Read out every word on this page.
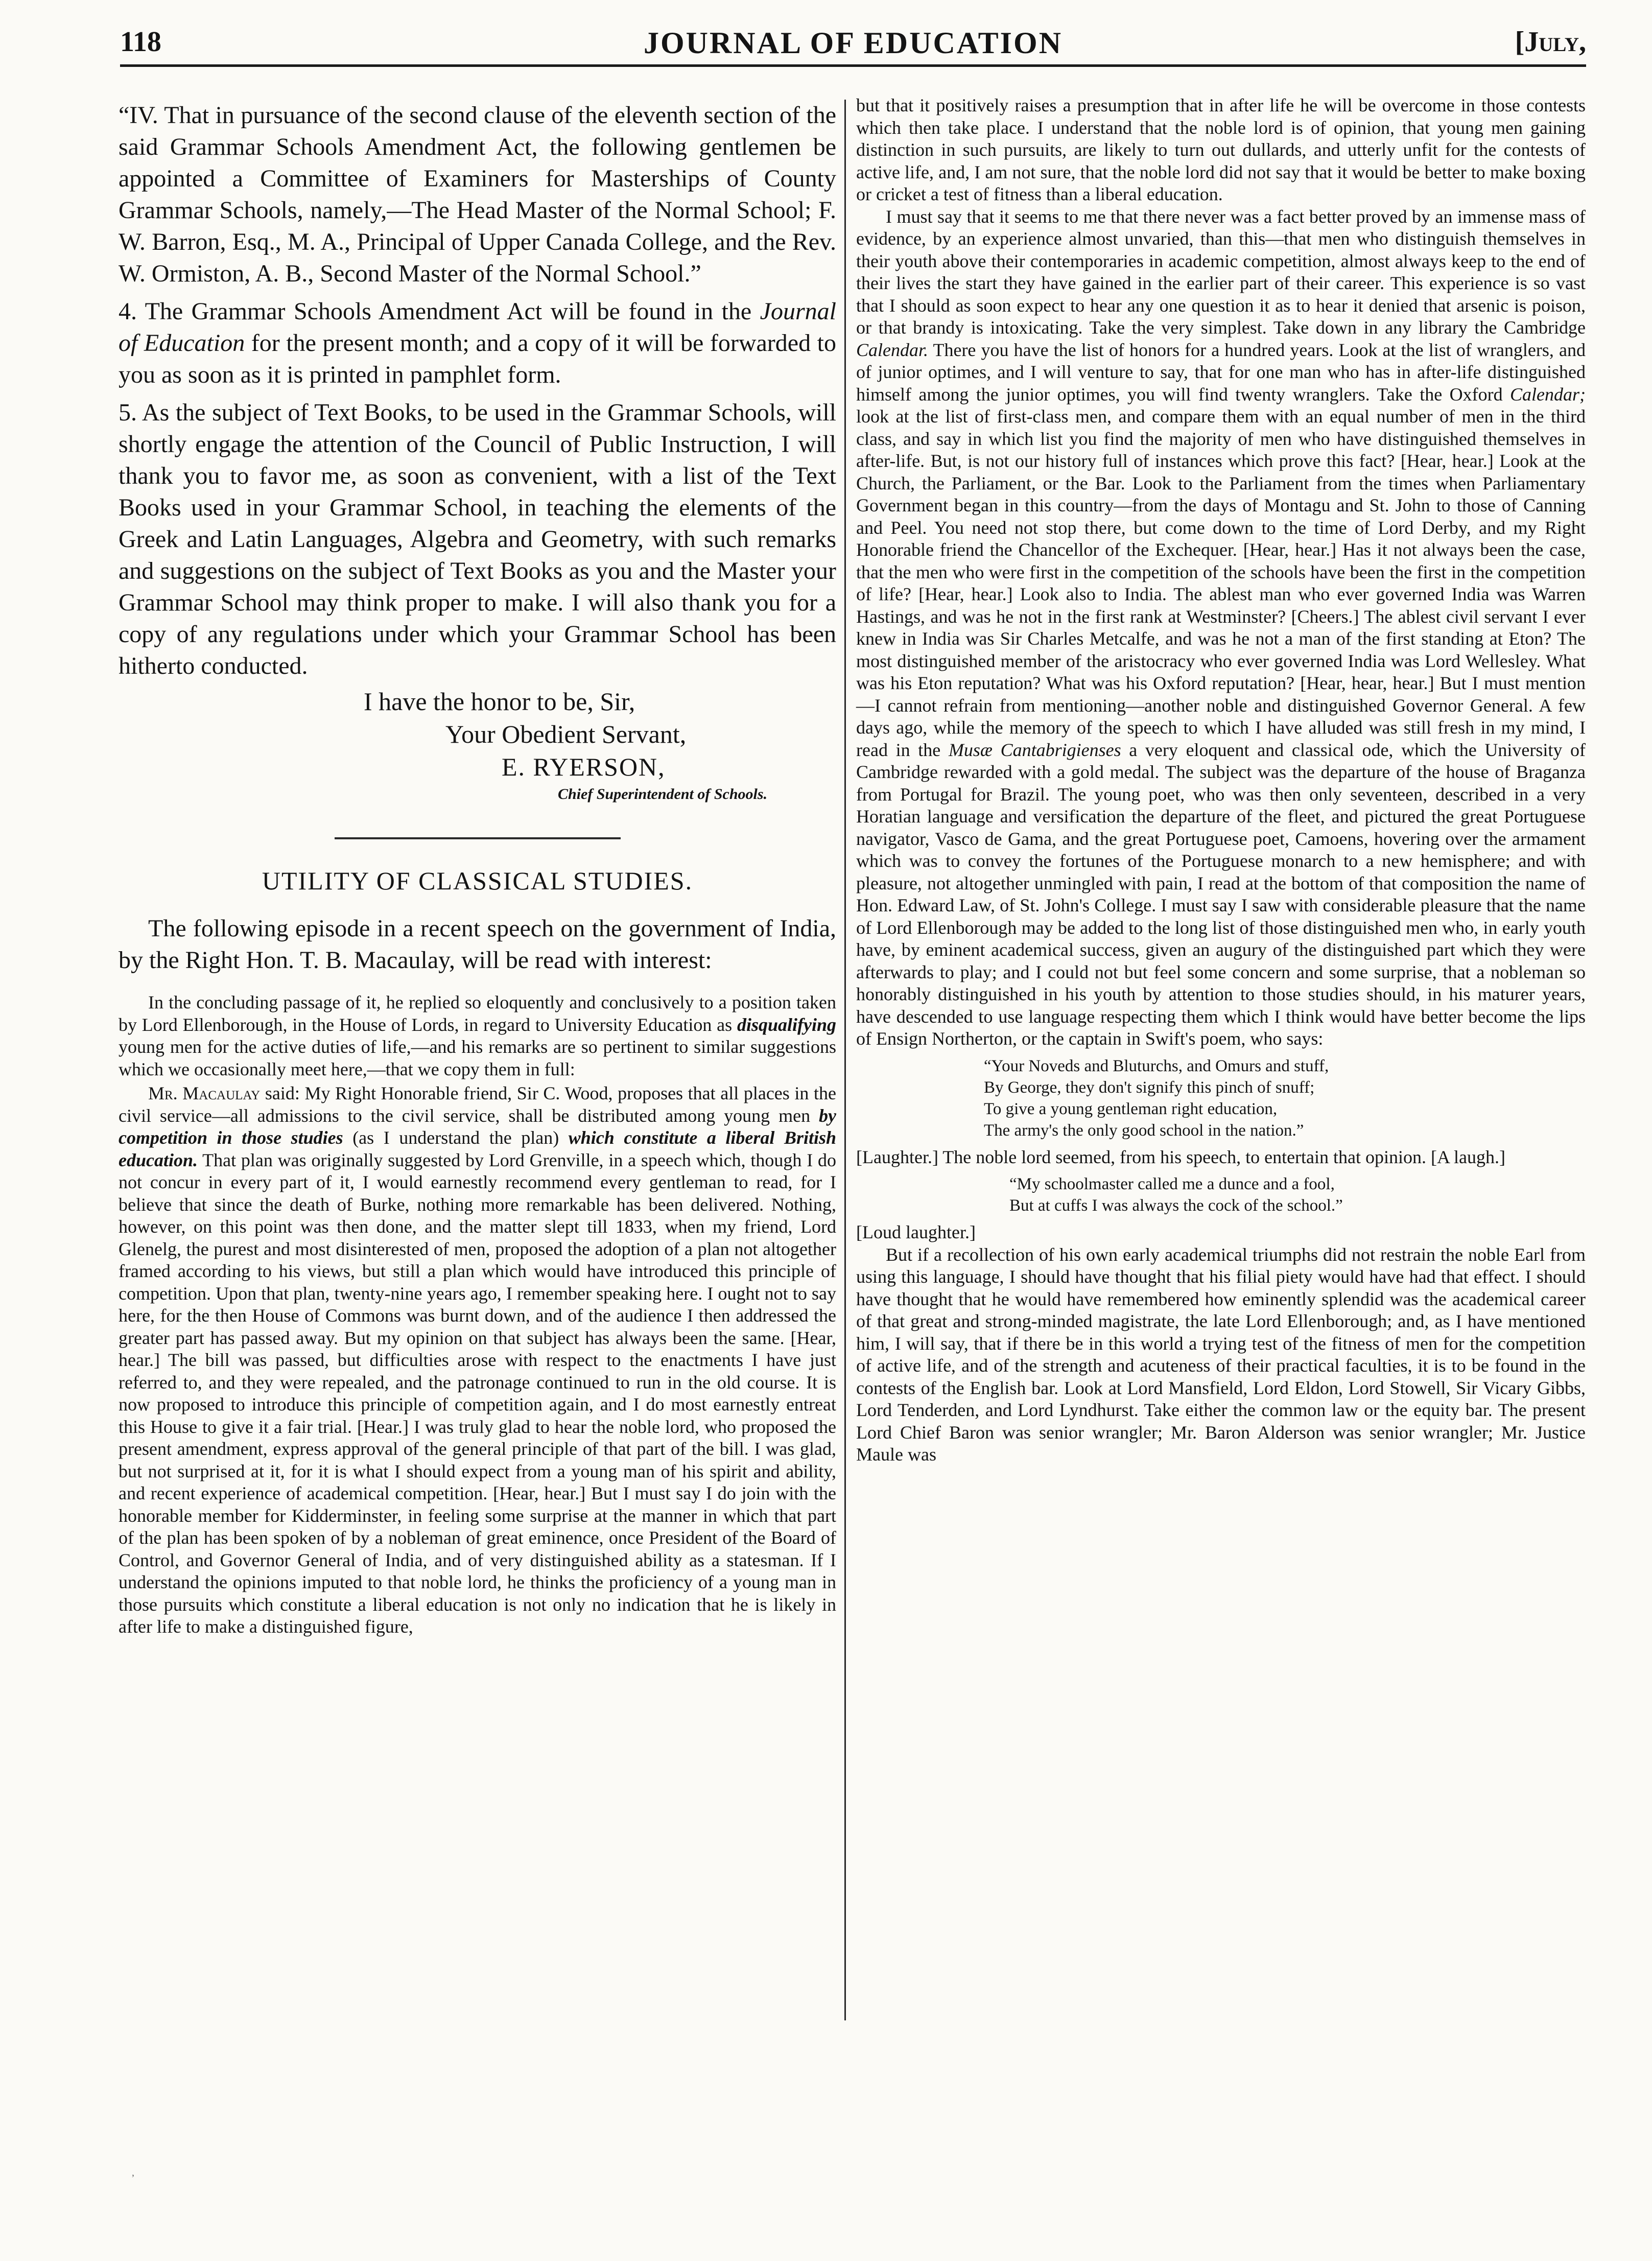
118	JOURNAL OF EDUCATION	[July,

“IV. That in pursuance of the second clause of the eleventh section of the said Grammar Schools Amendment Act, the following gentlemen be appointed a Committee of Examiners for Masterships of County Grammar Schools, namely,—The Head Master of the Normal School; F. W. Barron, Esq., M. A., Principal of Upper Canada College, and the Rev. W. Ormiston, A. B., Second Master of the Normal School.”

4. The Grammar Schools Amendment Act will be found in the Journal of Education for the present month; and a copy of it will be forwarded to you as soon as it is printed in pamphlet form.

5. As the subject of Text Books, to be used in the Grammar Schools, will shortly engage the attention of the Council of Public Instruction, I will thank you to favor me, as soon as convenient, with a list of the Text Books used in your Grammar School, in teaching the elements of the Greek and Latin Languages, Algebra and Geometry, with such remarks and suggestions on the subject of Text Books as you and the Master your Grammar School may think proper to make. I will also thank you for a copy of any regulations under which your Grammar School has been hitherto conducted.

I have the honor to be, Sir,

Your Obedient Servant,

E. RYERSON,

Chief Superintendent of Schools.

UTILITY OF CLASSICAL STUDIES.

The following episode in a recent speech on the government of India, by the Right Hon. T. B. Macaulay, will be read with interest:

In the concluding passage of it, he replied so eloquently and conclusively to a position taken by Lord Ellenborough, in the House of Lords, in regard to University Education as disqualifying young men for the active duties of life,—and his remarks are so pertinent to similar suggestions which we occasionally meet here,—that we copy them in full:

Mr. Macaulay said: My Right Honorable friend, Sir C. Wood, proposes that all places in the civil service—all admissions to the civil service, shall be distributed among young men by competition in those studies (as I understand the plan) which constitute a liberal British education. That plan was originally suggested by Lord Grenville, in a speech which, though I do not concur in every part of it, I would earnestly recommend every gentleman to read, for I believe that since the death of Burke, nothing more remarkable has been delivered. Nothing, however, on this point was then done, and the matter slept till 1833, when my friend, Lord Glenelg, the purest and most disinterested of men, proposed the adoption of a plan not altogether framed according to his views, but still a plan which would have introduced this principle of competition. Upon that plan, twenty-nine years ago, I remember speaking here. I ought not to say here, for the then House of Commons was burnt down, and of the audience I then addressed the greater part has passed away. But my opinion on that subject has always been the same. [Hear, hear.] The bill was passed, but difficulties arose with respect to the enactments I have just referred to, and they were repealed, and the patronage continued to run in the old course. It is now proposed to introduce this principle of competition again, and I do most earnestly entreat this House to give it a fair trial. [Hear.] I was truly glad to hear the noble lord, who proposed the present amendment, express approval of the general principle of that part of the bill. I was glad, but not surprised at it, for it is what I should expect from a young man of his spirit and ability, and recent experience of academical competition. [Hear, hear.] But I must say I do join with the honorable member for Kidderminster, in feeling some surprise at the manner in which that part of the plan has been spoken of by a nobleman of great eminence, once President of the Board of Control, and Governor General of India, and of very distinguished ability as a statesman. If I understand the opinions imputed to that noble lord, he thinks the proficiency of a young man in those pursuits which constitute a liberal education is not only no indication that he is likely in after life to make a distinguished figure,

but that it positively raises a presumption that in after life he will be overcome in those contests which then take place. I understand that the noble lord is of opinion, that young men gaining distinction in such pursuits, are likely to turn out dullards, and utterly unfit for the contests of active life, and, I am not sure, that the noble lord did not say that it would be better to make boxing or cricket a test of fitness than a liberal education.

I must say that it seems to me that there never was a fact better proved by an immense mass of evidence, by an experience almost unvaried, than this—that men who distinguish themselves in their youth above their contemporaries in academic competition, almost always keep to the end of their lives the start they have gained in the earlier part of their career. This experience is so vast that I should as soon expect to hear any one question it as to hear it denied that arsenic is poison, or that brandy is intoxicating. Take the very simplest. Take down in any library the Cambridge Calendar. There you have the list of honors for a hundred years. Look at the list of wranglers, and of junior optimes, and I will venture to say, that for one man who has in after-life distinguished himself among the junior optimes, you will find twenty wranglers. Take the Oxford Calendar; look at the list of first-class men, and compare them with an equal number of men in the third class, and say in which list you find the majority of men who have distinguished themselves in after-life. But, is not our history full of instances which prove this fact? [Hear, hear.] Look at the Church, the Parliament, or the Bar. Look to the Parliament from the times when Parliamentary Government began in this country—from the days of Montagu and St. John to those of Canning and Peel. You need not stop there, but come down to the time of Lord Derby, and my Right Honorable friend the Chancellor of the Exchequer. [Hear, hear.] Has it not always been the case, that the men who were first in the competition of the schools have been the first in the competition of life? [Hear, hear.] Look also to India. The ablest man who ever governed India was Warren Hastings, and was he not in the first rank at Westminster? [Cheers.] The ablest civil servant I ever knew in India was Sir Charles Metcalfe, and was he not a man of the first standing at Eton? The most distinguished member of the aristocracy who ever governed India was Lord Wellesley. What was his Eton reputation? What was his Oxford reputation? [Hear, hear, hear.] But I must mention—I cannot refrain from mentioning—another noble and distinguished Governor General. A few days ago, while the memory of the speech to which I have alluded was still fresh in my mind, I read in the Musæ Cantabrigienses a very eloquent and classical ode, which the University of Cambridge rewarded with a gold medal. The subject was the departure of the house of Braganza from Portugal for Brazil. The young poet, who was then only seventeen, described in a very Horatian language and versification the departure of the fleet, and pictured the great Portuguese navigator, Vasco de Gama, and the great Portuguese poet, Camoens, hovering over the armament which was to convey the fortunes of the Portuguese monarch to a new hemisphere; and with pleasure, not altogether unmingled with pain, I read at the bottom of that composition the name of Hon. Edward Law, of St. John's College. I must say I saw with considerable pleasure that the name of Lord Ellenborough may be added to the long list of those distinguished men who, in early youth have, by eminent academical success, given an augury of the distinguished part which they were afterwards to play; and I could not but feel some concern and some surprise, that a nobleman so honorably distinguished in his youth by attention to those studies should, in his maturer years, have descended to use language respecting them which I think would have better become the lips of Ensign Northerton, or the captain in Swift's poem, who says:

“Your Noveds and Bluturchs, and Omurs and stuff,
By George, they don't signify this pinch of snuff;
To give a young gentleman right education,
The army's the only good school in the nation.”

[Laughter.] The noble lord seemed, from his speech, to entertain that opinion. [A laugh.]

“My schoolmaster called me a dunce and a fool,
But at cuffs I was always the cock of the school.”

[Loud laughter.]

But if a recollection of his own early academical triumphs did not restrain the noble Earl from using this language, I should have thought that his filial piety would have had that effect. I should have thought that he would have remembered how eminently splendid was the academical career of that great and strong-minded magistrate, the late Lord Ellenborough; and, as I have mentioned him, I will say, that if there be in this world a trying test of the fitness of men for the competition of active life, and of the strength and acuteness of their practical faculties, it is to be found in the contests of the English bar. Look at Lord Mansfield, Lord Eldon, Lord Stowell, Sir Vicary Gibbs, Lord Tenderden, and Lord Lyndhurst. Take either the common law or the equity bar. The present Lord Chief Baron was senior wrangler; Mr. Baron Alderson was senior wrangler; Mr. Justice Maule was

,
